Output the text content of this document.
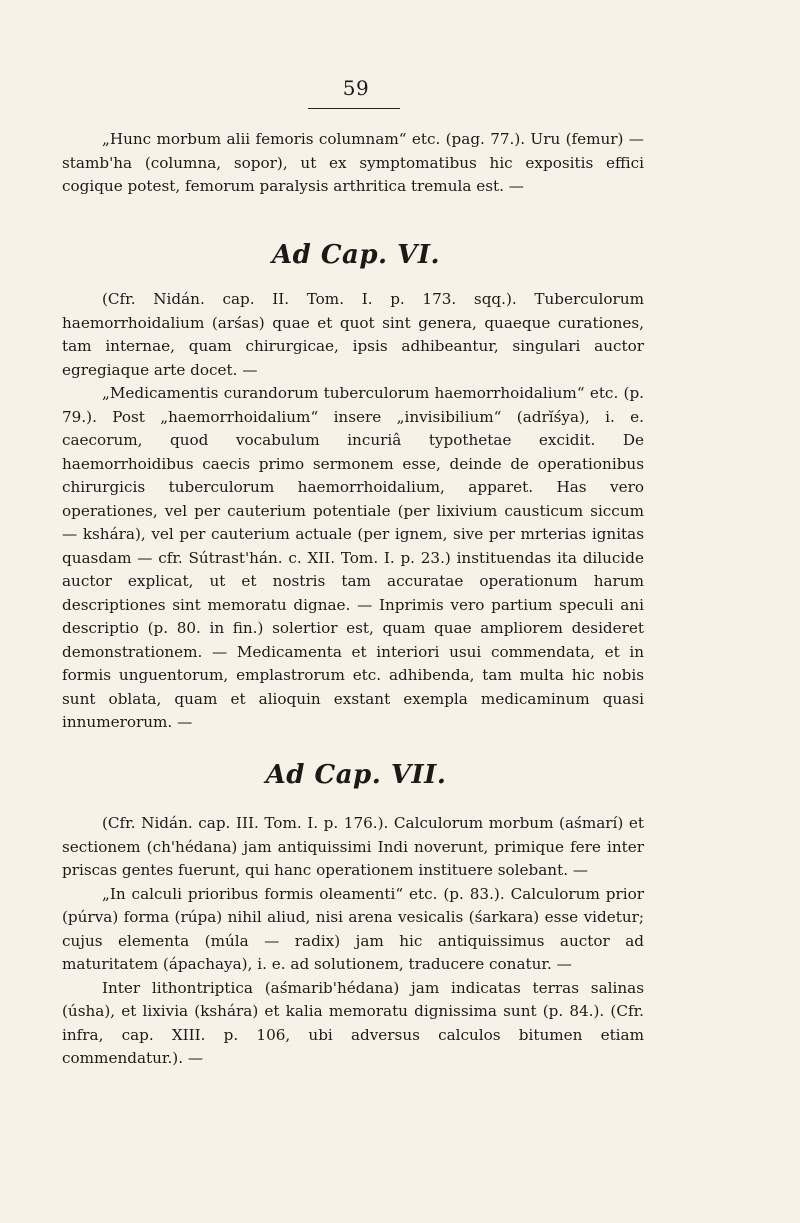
59

„Hunc morbum alii femoris columnam“ etc. (pag. 77.). Uru (femur) — stamb'ha (columna, sopor), ut ex symptomatibus hic expositis effici cogique potest, femorum paralysis arthritica tremula est. —

Ad Cap. VI.

(Cfr. Nidán. cap. II. Tom. I. p. 173. sqq.). Tuberculorum haemorrhoidalium (arśas) quae et quot sint genera, quaeque curationes, tam internae, quam chirurgicae, ipsis adhibeantur, singulari auctor egregiaque arte docet. —

„Medicamentis curandorum tuberculorum haemorrhoidalium“ etc. (p. 79.). Post „haemorrhoidalium“ insere „invisibilium“ (adrĭśya), i. e. caecorum, quod vocabulum incuriâ typothetae excidit. De haemorrhoidibus caecis primo sermonem esse, deinde de operationibus chirurgicis tuberculorum haemorrhoidalium, apparet. Has vero operationes, vel per cauterium potentiale (per lixivium causticum siccum — kshára), vel per cauterium actuale (per ignem, sive per mrterias ignitas quasdam — cfr. Sútrast'hán. c. XII. Tom. I. p. 23.) instituendas ita dilucide auctor explicat, ut et nostris tam accuratae operationum harum descriptiones sint memoratu dignae. — Inprimis vero partium speculi ani descriptio (p. 80. in fin.) solertior est, quam quae ampliorem desideret demonstrationem. — Medicamenta et interiori usui commendata, et in formis unguentorum, emplastrorum etc. adhibenda, tam multa hic nobis sunt oblata, quam et alioquin exstant exempla medicaminum quasi innumerorum. —

Ad Cap. VII.

(Cfr. Nidán. cap. III. Tom. I. p. 176.). Calculorum morbum (aśmarí) et sectionem (ch'hédana) jam antiquissimi Indi noverunt, primique fere inter priscas gentes fuerunt, qui hanc operationem instituere solebant. —

„In calculi prioribus formis oleamenti“ etc. (p. 83.). Calculorum prior (púrva) forma (rúpa) nihil aliud, nisi arena vesicalis (śarkara) esse videtur; cujus elementa (múla — radix) jam hic antiquissimus auctor ad maturitatem (ápachaya), i. e. ad solutionem, traducere conatur. —

Inter lithontriptica (aśmarib'hédana) jam indicatas terras salinas (úsha), et lixivia (kshára) et kalia memoratu dignissima sunt (p. 84.). (Cfr. infra, cap. XIII. p. 106, ubi adversus calculos bitumen etiam commendatur.). —
